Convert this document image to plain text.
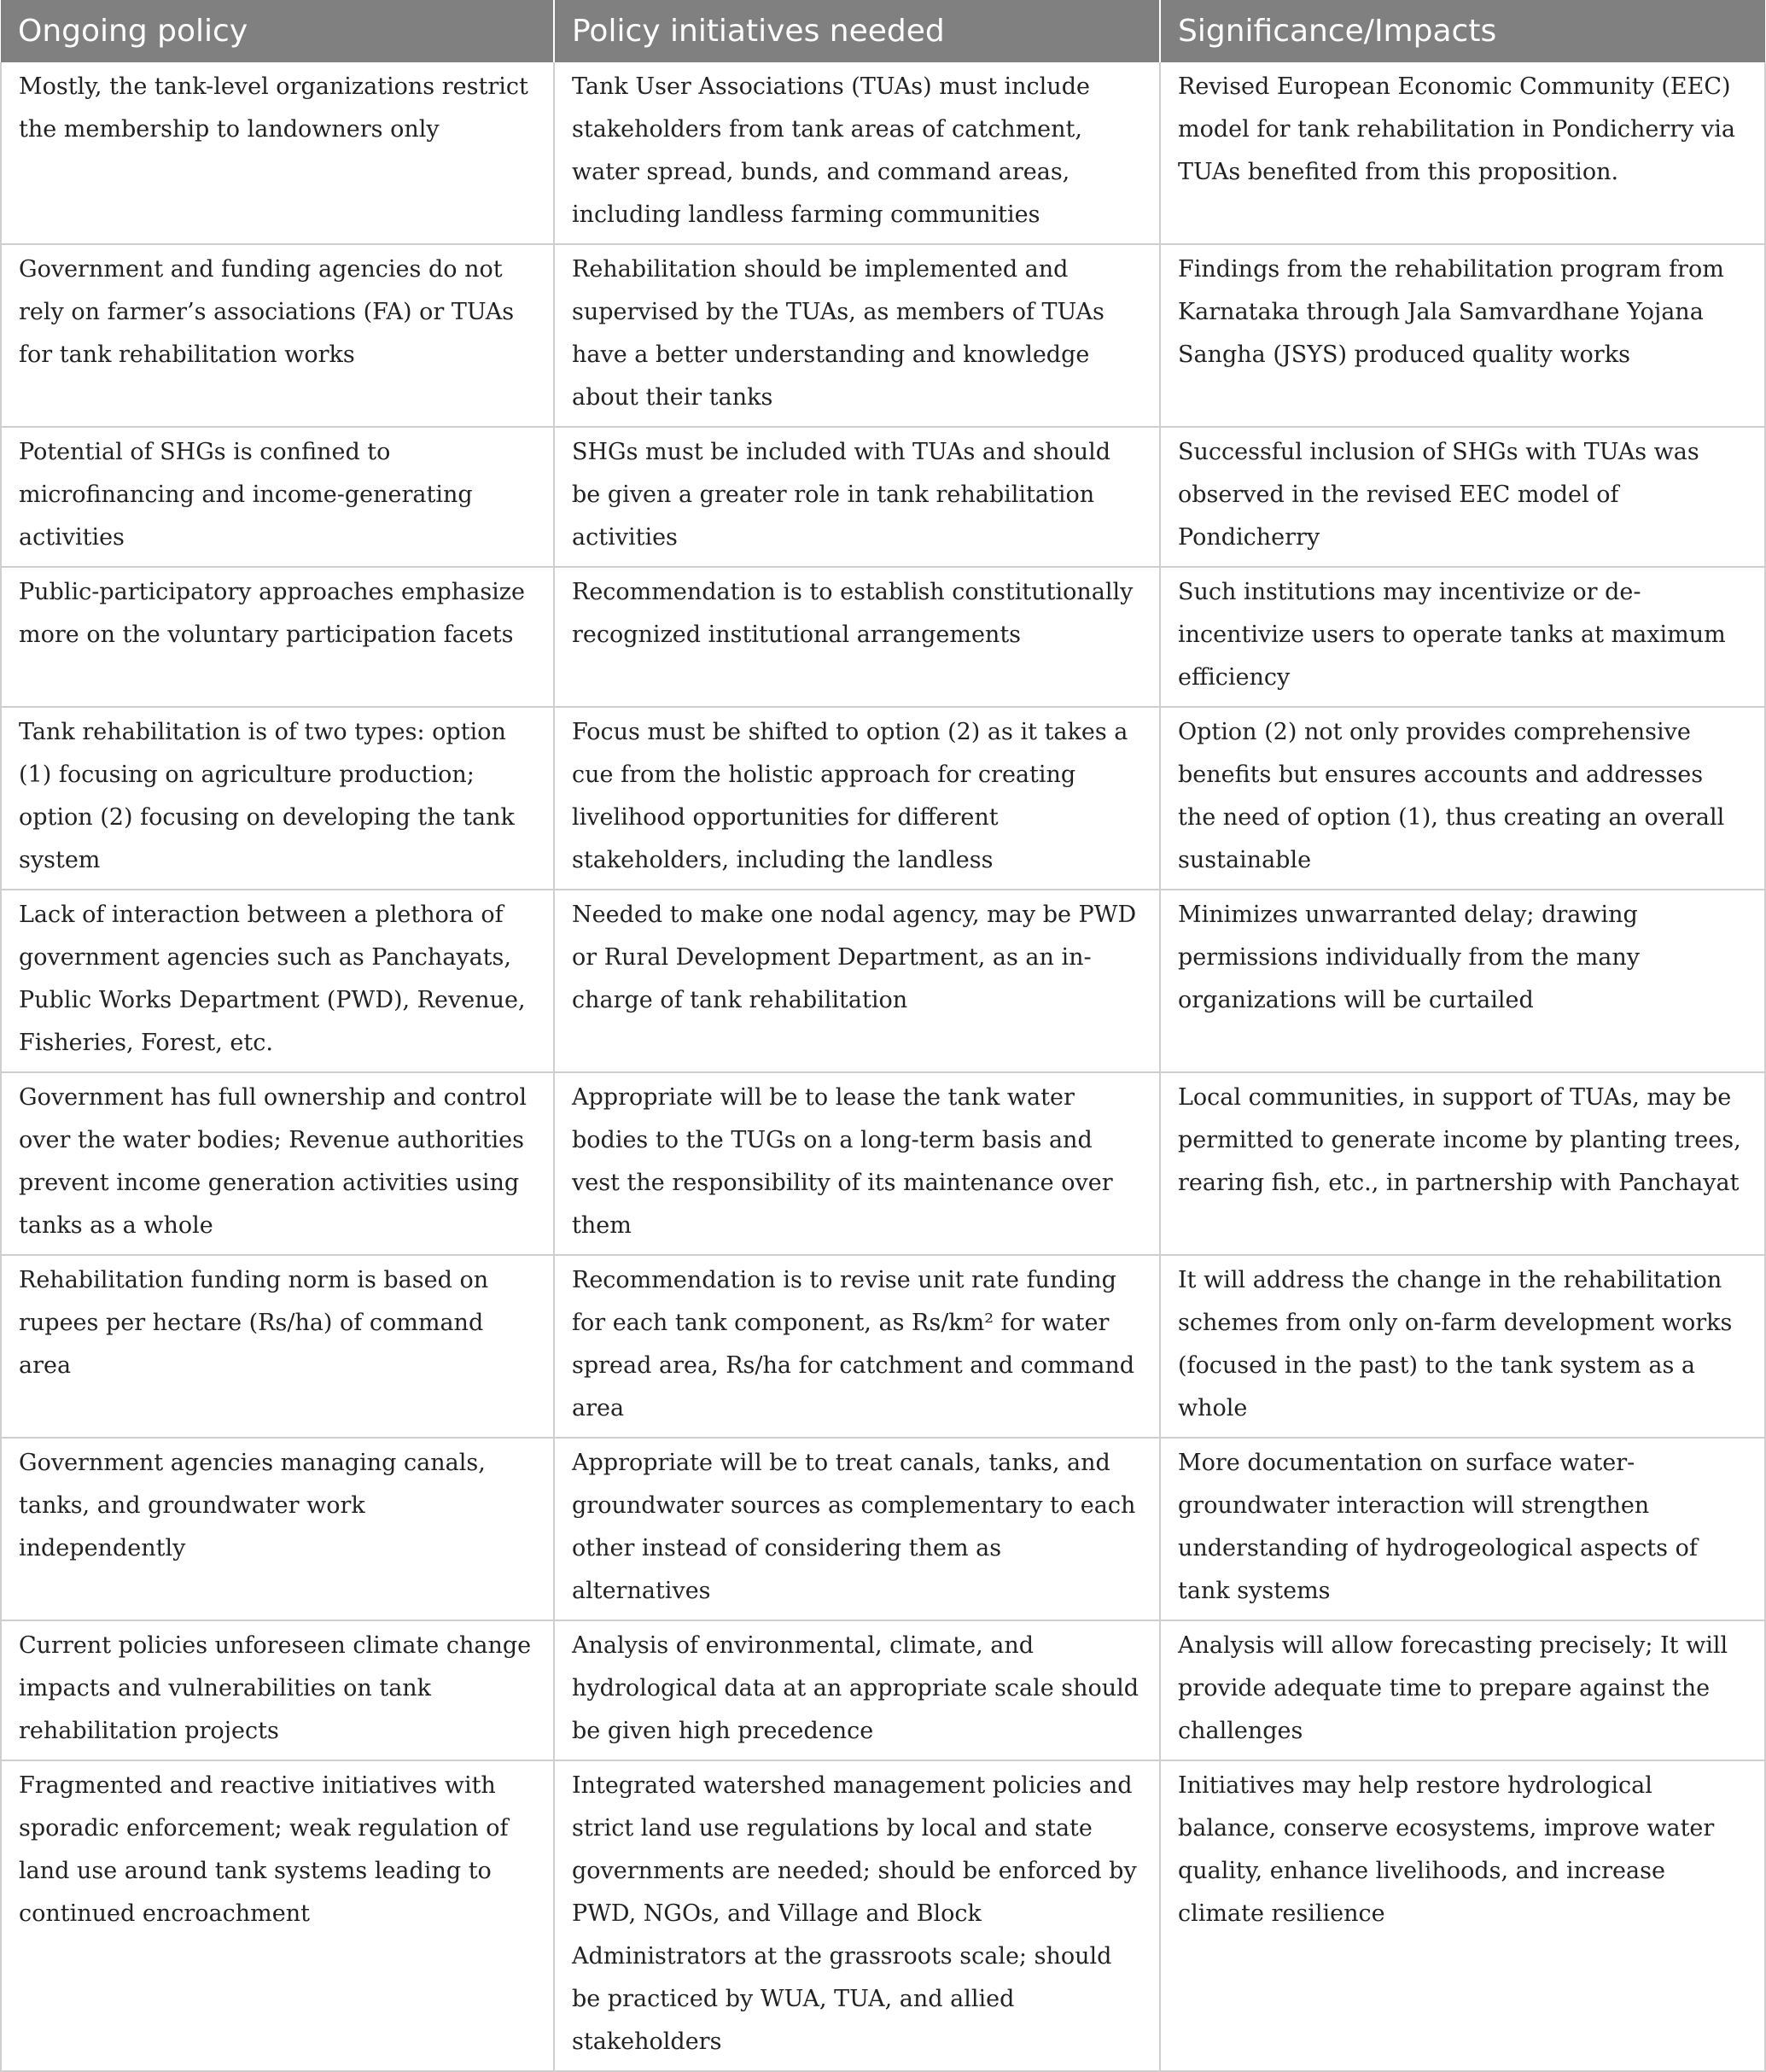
Ongoing policy	Policy initiatives needed	Significance/Impacts

Mostly, the tank-level organizations restrict the membership to landowners only	Tank User Associations (TUAs) must include stakeholders from tank areas of catchment, water spread, bunds, and command areas, including landless farming communities	Revised European Economic Community (EEC) model for tank rehabilitation in Pondicherry via TUAs benefited from this proposition.

Government and funding agencies do not rely on farmer’s associations (FA) or TUAs for tank rehabilitation works	Rehabilitation should be implemented and supervised by the TUAs, as members of TUAs have a better understanding and knowledge about their tanks	Findings from the rehabilitation program from Karnataka through Jala Samvardhane Yojana Sangha (JSYS) produced quality works

Potential of SHGs is confined to microfinancing and income-generating activities	SHGs must be included with TUAs and should be given a greater role in tank rehabilitation activities	Successful inclusion of SHGs with TUAs was observed in the revised EEC model of Pondicherry

Public-participatory approaches emphasize more on the voluntary participation facets	Recommendation is to establish constitutionally recognized institutional arrangements	Such institutions may incentivize or de-incentivize users to operate tanks at maximum efficiency

Tank rehabilitation is of two types: option (1) focusing on agriculture production; option (2) focusing on developing the tank system	Focus must be shifted to option (2) as it takes a cue from the holistic approach for creating livelihood opportunities for different stakeholders, including the landless	Option (2) not only provides comprehensive benefits but ensures accounts and addresses the need of option (1), thus creating an overall sustainable

Lack of interaction between a plethora of government agencies such as Panchayats, Public Works Department (PWD), Revenue, Fisheries, Forest, etc.	Needed to make one nodal agency, may be PWD or Rural Development Department, as an in-charge of tank rehabilitation	Minimizes unwarranted delay; drawing permissions individually from the many organizations will be curtailed

Government has full ownership and control over the water bodies; Revenue authorities prevent income generation activities using tanks as a whole	Appropriate will be to lease the tank water bodies to the TUGs on a long-term basis and vest the responsibility of its maintenance over them	Local communities, in support of TUAs, may be permitted to generate income by planting trees, rearing fish, etc., in partnership with Panchayat

Rehabilitation funding norm is based on rupees per hectare (Rs/ha) of command area	Recommendation is to revise unit rate funding for each tank component, as Rs/km² for water spread area, Rs/ha for catchment and command area	It will address the change in the rehabilitation schemes from only on-farm development works (focused in the past) to the tank system as a whole

Government agencies managing canals, tanks, and groundwater work independently	Appropriate will be to treat canals, tanks, and groundwater sources as complementary to each other instead of considering them as alternatives	More documentation on surface water-groundwater interaction will strengthen understanding of hydrogeological aspects of tank systems

Current policies unforeseen climate change impacts and vulnerabilities on tank rehabilitation projects	Analysis of environmental, climate, and hydrological data at an appropriate scale should be given high precedence	Analysis will allow forecasting precisely; It will provide adequate time to prepare against the challenges

Fragmented and reactive initiatives with sporadic enforcement; weak regulation of land use around tank systems leading to continued encroachment	Integrated watershed management policies and strict land use regulations by local and state governments are needed; should be enforced by PWD, NGOs, and Village and Block Administrators at the grassroots scale; should be practiced by WUA, TUA, and allied stakeholders	Initiatives may help restore hydrological balance, conserve ecosystems, improve water quality, enhance livelihoods, and increase climate resilience
